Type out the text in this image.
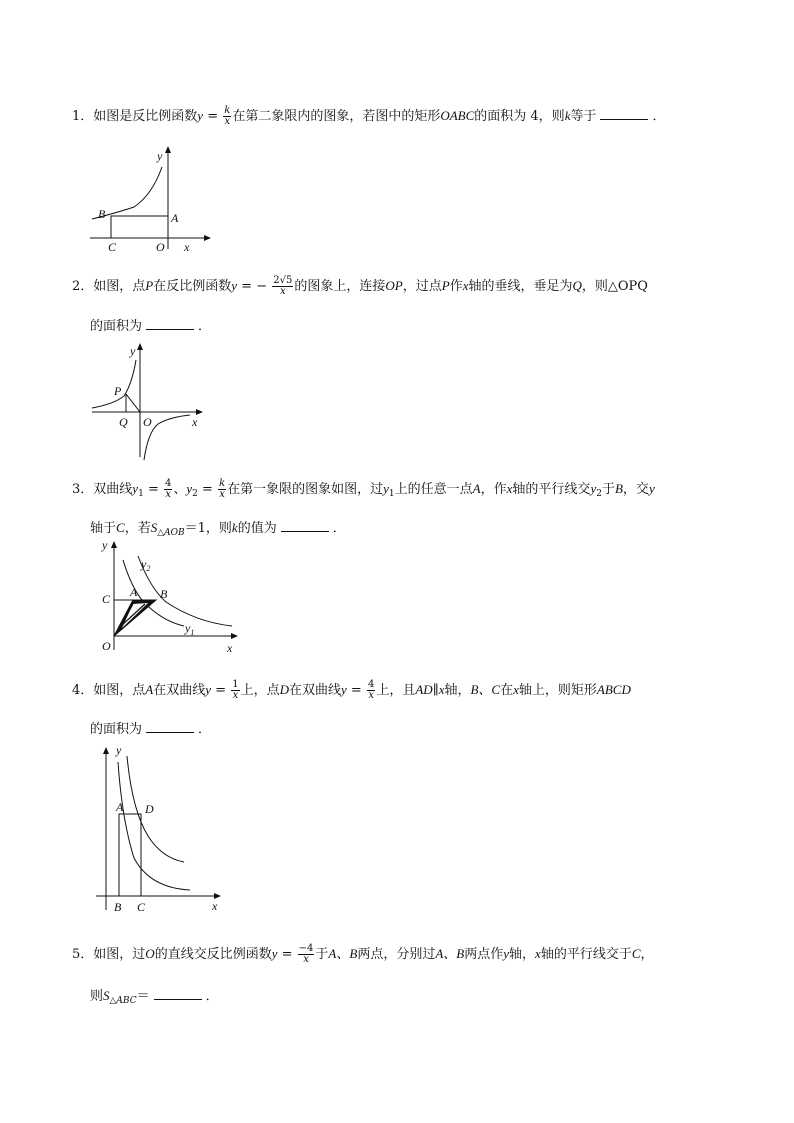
1．如图是反比例函数$y = \frac{k}{x}$ 在第二象限内的图象，若图中的矩形OABC的面积为 4，则k等于	．
y
B	A
C	O x
2．如图，点P在反比例函数y = − $\frac{2√5}{x}$ 的图象上，连接OP，过点P作x轴的垂线，垂足为Q，则△OPQ
的面积为	．
y
P
Q O	x
3．双曲线$y_1 = \frac{4}{x}$ 、$y_2 = \frac{k}{x}$ 在第一象限的图象如图，过$y_1$上的任意一点A，作x轴的平行线交$y_2$于B，交y
轴于C，若$S_{\triangle AOB}=1$，则k的值为	．
y
$y_2$
$y_1$
C A B
O	x
4．如图，点A在双曲线$y = \frac{1}{x}$ 上，点D在双曲线$y = \frac{4}{x}$ 上，且AD∥x轴，B、C在x轴上，则矩形ABCD
的面积为	．
y
A D
B C	x
5．如图，过O的直线交反比例函数$y = \frac{-4}{x}$ 于A、B两点，分别过A、B两点作y轴，x轴的平行线交于C，
则$S_{\triangle ABC}=$	．
